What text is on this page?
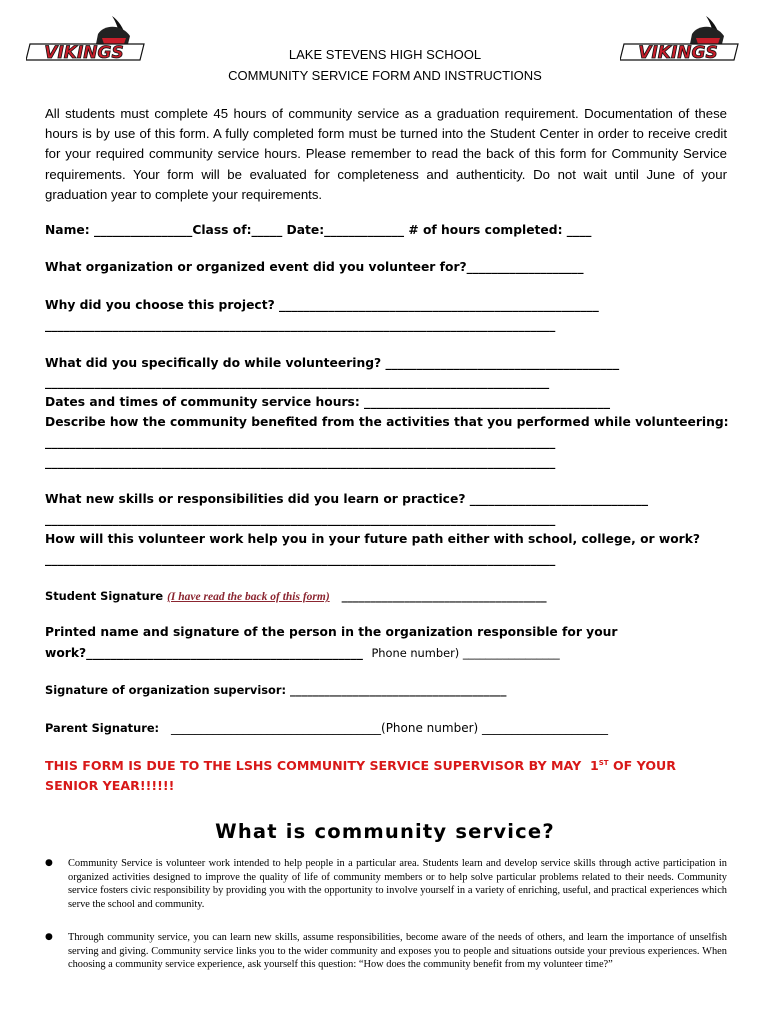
VIKINGS	VIKINGS
LAKE STEVENS HIGH SCHOOL
COMMUNITY SERVICE FORM AND INSTRUCTIONS
All students must complete 45 hours of community service as a graduation requirement. Documentation of these hours is by use of this form. A fully completed form must be turned into the Student Center in order to receive credit for your required community service hours. Please remember to read the back of this form for Community Service requirements. Your form will be evaluated for completeness and authenticity. Do not wait until June of your graduation year to complete your requirements.
Name: ________________Class of:_____ Date:_____________ # of hours completed: ____
What organization or organized event did you volunteer for?___________________
Why did you choose this project? ____________________________________________________
___________________________________________________________________________________
What did you specifically do while volunteering? ______________________________________
__________________________________________________________________________________
Dates and times of community service hours: ________________________________________
Describe how the community benefited from the activities that you performed while volunteering:
___________________________________________________________________________________
___________________________________________________________________________________
What new skills or responsibilities did you learn or practice? _____________________________
___________________________________________________________________________________
How will this volunteer work help you in your future path either with school, college, or work?
___________________________________________________________________________________
Student Signature (I have read the back of this form) ____________________________________
Printed name and signature of the person in the organization responsible for your
work?_____________________________________________ Phone number) _________________
Signature of organization supervisor: ______________________________________
Parent Signature: ___________________________________(Phone number) _____________________
THIS FORM IS DUE TO THE LSHS COMMUNITY SERVICE SUPERVISOR BY MAY  1ST OF YOUR
SENIOR YEAR!!!!!!
What is community service?
● Community Service is volunteer work intended to help people in a particular area. Students learn and develop service skills through active participation in organized activities designed to improve the quality of life of community members or to help solve particular problems related to their needs. Community service fosters civic responsibility by providing you with the opportunity to involve yourself in a variety of enriching, useful, and practical experiences which serve the school and community.
● Through community service, you can learn new skills, assume responsibilities, become aware of the needs of others, and learn the importance of unselfish serving and giving. Community service links you to the wider community and exposes you to people and situations outside your previous experiences. When choosing a community service experience, ask yourself this question: “How does the community benefit from my volunteer time?”
